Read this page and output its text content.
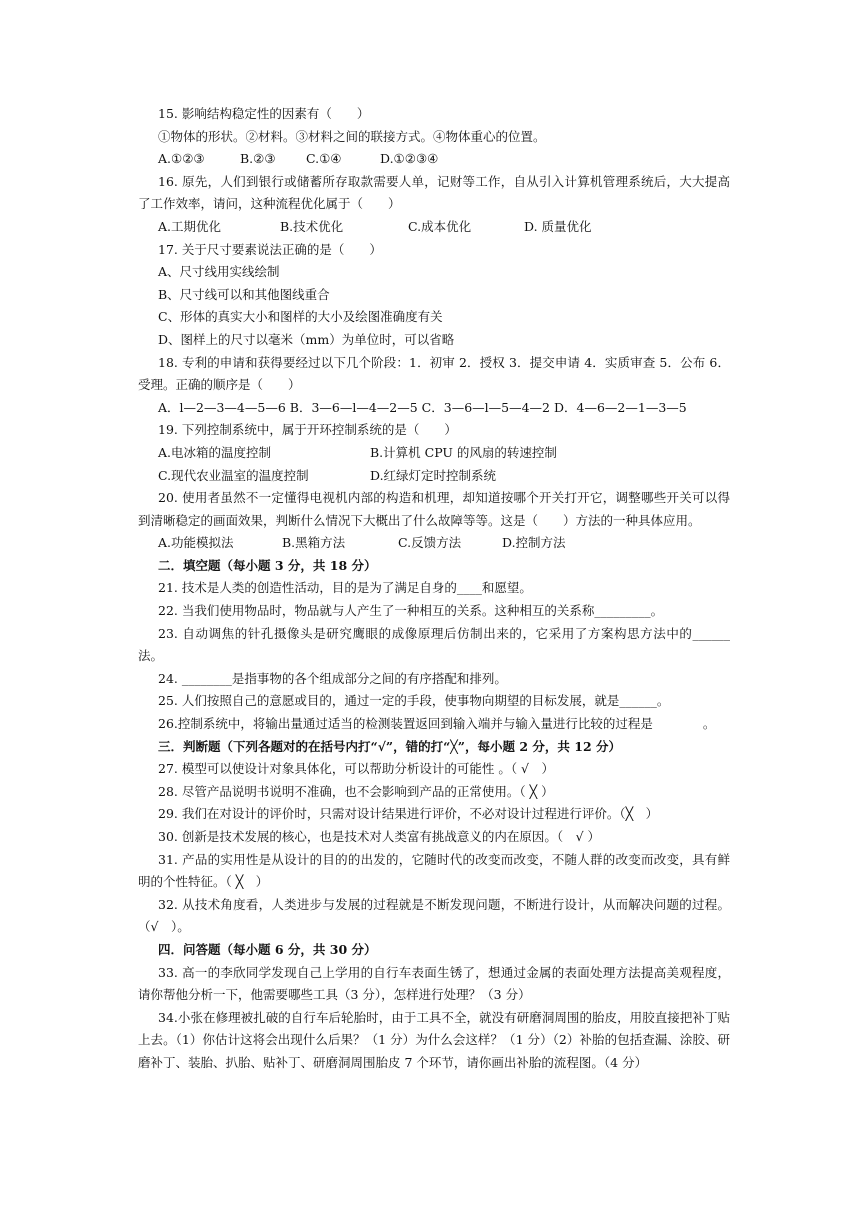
15. 影响结构稳定性的因素有（　　）
①物体的形状。②材料。③材料之间的联接方式。④物体重心的位置。
A.①②③	B.②③ C.①④	D.①②③④
16. 原先，人们到银行或储蓄所存取款需要人单，记财等工作，自从引入计算机管理系统后，大大提高了工作效率，请问，这种流程优化属于（　　）
A.工期优化	B.技术优化	C.成本优化	D. 质量优化
17. 关于尺寸要素说法正确的是（　　）
A、尺寸线用实线绘制
B、尺寸线可以和其他图线重合
C、形体的真实大小和图样的大小及绘图准确度有关
D、图样上的尺寸以毫米（mm）为单位时，可以省略
18. 专利的申请和获得要经过以下几个阶段：1．初审 2．授权 3．提交申请 4．实质审查 5．公布 6．受理。正确的顺序是（　　）
A．l—2—3—4—5—6 B．3—6—l—4—2—5 C．3—6—l—5—4—2 D．4—6—2—1—3—5
19. 下列控制系统中，属于开环控制系统的是（　　）
A.电冰箱的温度控制	B.计算机 CPU 的风扇的转速控制
C.现代农业温室的温度控制	D.红绿灯定时控制系统
20. 使用者虽然不一定懂得电视机内部的构造和机理，却知道按哪个开关打开它，调整哪些开关可以得到清晰稳定的画面效果，判断什么情况下大概出了什么故障等等。这是（　　）方法的一种具体应用。
A.功能模拟法	B.黑箱方法	C.反馈方法	D.控制方法
二．填空题（每小题 3 分，共 18 分）
21. 技术是人类的创造性活动，目的是为了满足自身的____和愿望。
22. 当我们使用物品时，物品就与人产生了一种相互的关系。这种相互的关系称_________。
23. 自动调焦的针孔摄像头是研究鹰眼的成像原理后仿制出来的，它采用了方案构思方法中的______法。
24. ________是指事物的各个组成部分之间的有序搭配和排列。
25. 人们按照自己的意愿或目的，通过一定的手段，使事物向期望的目标发展，就是______。
26.控制系统中，将输出量通过适当的检测装置返回到输入端并与输入量进行比较的过程是　　　　。
三．判断题（下列各题对的在括号内打“√”，错的打“╳”，每小题 2 分，共 12 分）
27. 模型可以使设计对象具体化，可以帮助分析设计的可能性 。（ √　）
28. 尽管产品说明书说明不准确，也不会影响到产品的正常使用。（ ╳ ）
29. 我们在对设计的评价时，只需对设计结果进行评价，不必对设计过程进行评价。（╳　）
30. 创新是技术发展的核心，也是技术对人类富有挑战意义的内在原因。（　√ ）
31. 产品的实用性是从设计的目的的出发的，它随时代的改变而改变，不随人群的改变而改变，具有鲜明的个性特征。（ ╳　）
32. 从技术角度看，人类进步与发展的过程就是不断发现问题，不断进行设计，从而解决问题的过程。（√　）。
四．问答题（每小题 6 分，共 30 分）
33. 高一的李欣同学发现自己上学用的自行车表面生锈了，想通过金属的表面处理方法提高美观程度，请你帮他分析一下，他需要哪些工具（3 分），怎样进行处理？（3 分）
34.小张在修理被扎破的自行车后轮胎时，由于工具不全，就没有研磨洞周围的胎皮，用胶直接把补丁贴上去。（1）你估计这将会出现什么后果？（1 分）为什么会这样？（1 分）（2）补胎的包括查漏、涂胶、研磨补丁、装胎、扒胎、贴补丁、研磨洞周围胎皮 7 个环节，请你画出补胎的流程图。（4 分）
